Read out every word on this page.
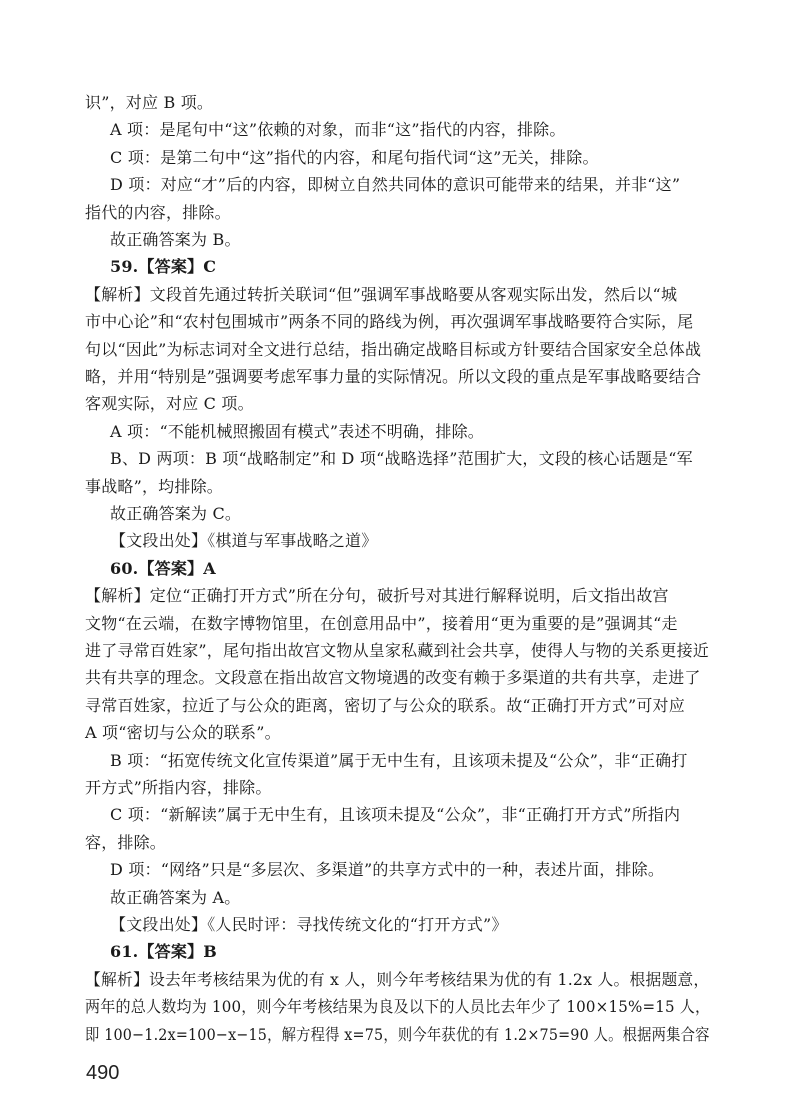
识”，对应 B 项。
A 项：是尾句中“这”依赖的对象，而非“这”指代的内容，排除。
C 项：是第二句中“这”指代的内容，和尾句指代词“这”无关，排除。
D 项：对应“才”后的内容，即树立自然共同体的意识可能带来的结果，并非“这”
指代的内容，排除。
故正确答案为 B。
59.【答案】C
【解析】文段首先通过转折关联词“但”强调军事战略要从客观实际出发，然后以“城
市中心论”和“农村包围城市”两条不同的路线为例，再次强调军事战略要符合实际，尾
句以“因此”为标志词对全文进行总结，指出确定战略目标或方针要结合国家安全总体战
略，并用“特别是”强调要考虑军事力量的实际情况。所以文段的重点是军事战略要结合
客观实际，对应 C 项。
A 项：“不能机械照搬固有模式”表述不明确，排除。
B、D 两项：B 项“战略制定”和 D 项“战略选择”范围扩大，文段的核心话题是“军
事战略”，均排除。
故正确答案为 C。
【文段出处】《棋道与军事战略之道》
60.【答案】A
【解析】定位“正确打开方式”所在分句，破折号对其进行解释说明，后文指出故宫
文物“在云端，在数字博物馆里，在创意用品中”，接着用“更为重要的是”强调其“走
进了寻常百姓家”，尾句指出故宫文物从皇家私藏到社会共享，使得人与物的关系更接近
共有共享的理念。文段意在指出故宫文物境遇的改变有赖于多渠道的共有共享，走进了
寻常百姓家，拉近了与公众的距离，密切了与公众的联系。故“正确打开方式”可对应
A 项“密切与公众的联系”。
B 项：“拓宽传统文化宣传渠道”属于无中生有，且该项未提及“公众”，非“正确打
开方式”所指内容，排除。
C 项：“新解读”属于无中生有，且该项未提及“公众”，非“正确打开方式”所指内
容，排除。
D 项：“网络”只是“多层次、多渠道”的共享方式中的一种，表述片面，排除。
故正确答案为 A。
【文段出处】《人民时评：寻找传统文化的“打开方式”》
61.【答案】B
【解析】设去年考核结果为优的有 x 人，则今年考核结果为优的有 1.2x 人。根据题意，
两年的总人数均为 100，则今年考核结果为良及以下的人员比去年少了 100×15%=15 人，
即 100−1.2x=100−x−15，解方程得 x=75，则今年获优的有 1.2×75=90 人。根据两集合容
490
